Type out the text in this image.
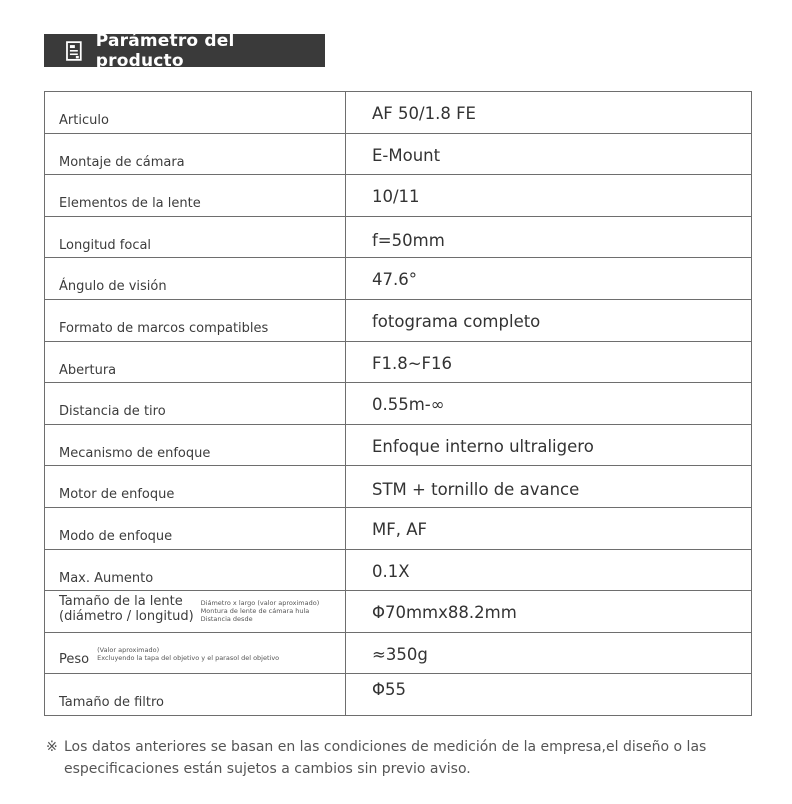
Parámetro del producto
Articulo	AF 50/1.8 FE

Montaje de cámara	E-Mount

Elementos de la lente	10/11

Longitud focal	f=50mm

Ángulo de visión	47.6°

Formato de marcos compatibles	fotograma completo

Abertura	F1.8~F16

Distancia de tiro	0.55m-∞

Mecanismo de enfoque	Enfoque interno ultraligero

Motor de enfoque	STM + tornillo de avance

Modo de enfoque	MF, AF

Max. Aumento	0.1X

Tamaño de la lente
(diámetro / longitud)
Diámetro x largo (valor aproximado)
Montura de lente de cámara hula
Distancia desde	Φ70mmx88.2mm

Peso
(Valor aproximado)
Excluyendo la tapa del objetivo y el parasol del objetivo	≈350g

Tamaño de filtro	Φ55
※ Los datos anteriores se basan en las condiciones de medición de la empresa,el diseño o las
especificaciones están sujetos a cambios sin previo aviso.
